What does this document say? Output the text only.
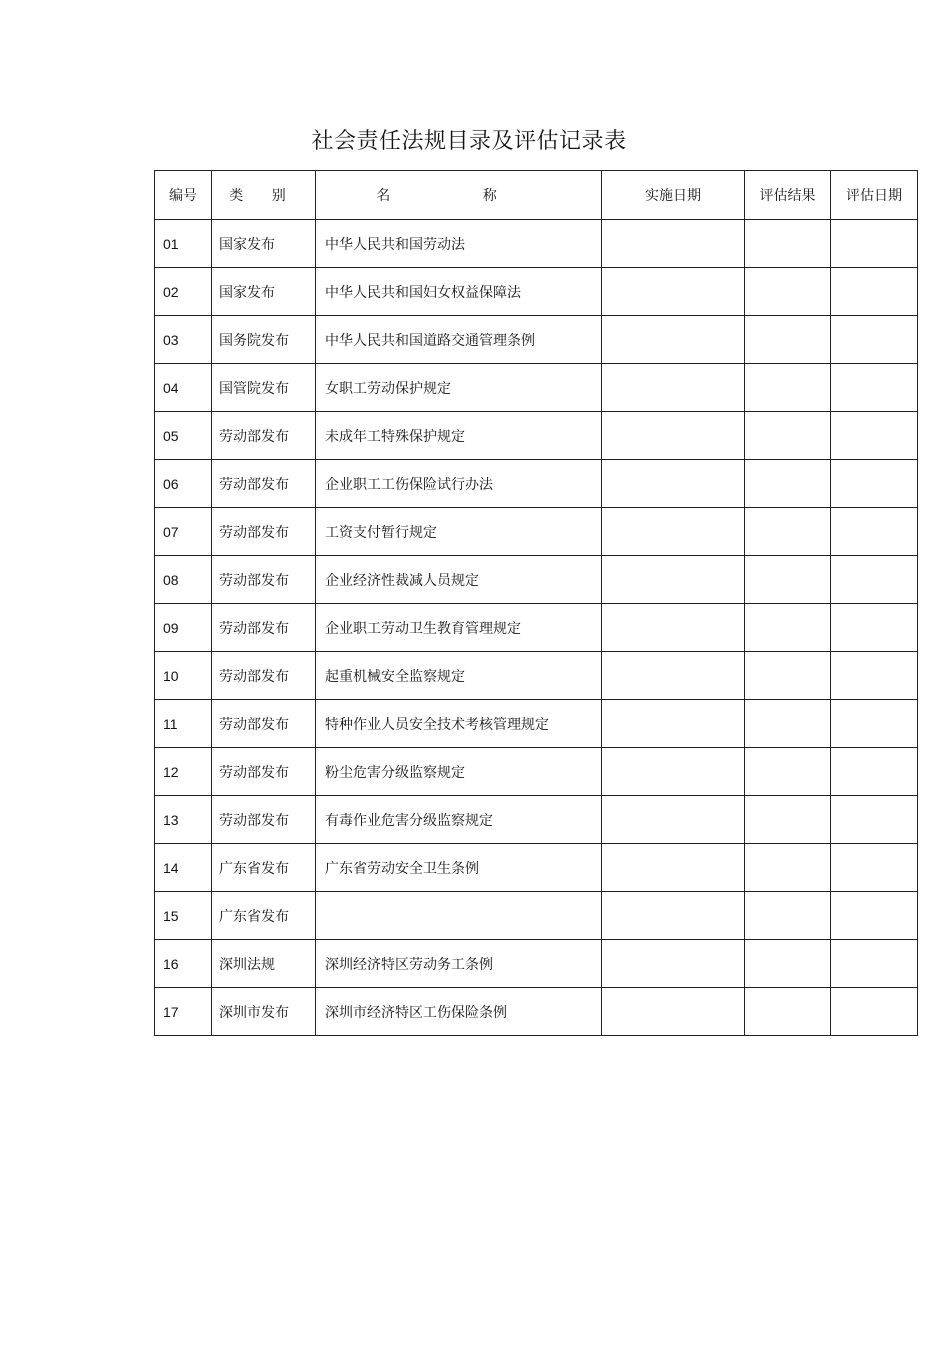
社会责任法规目录及评估记录表
编号	类 别	名 称	实施日期	评估结果	评估日期
01	国家发布	中华人民共和国劳动法			
02	国家发布	中华人民共和国妇女权益保障法			
03	国务院发布	中华人民共和国道路交通管理条例			
04	国管院发布	女职工劳动保护规定			
05	劳动部发布	未成年工特殊保护规定			
06	劳动部发布	企业职工工伤保险试行办法			
07	劳动部发布	工资支付暂行规定			
08	劳动部发布	企业经济性裁减人员规定			
09	劳动部发布	企业职工劳动卫生教育管理规定			
10	劳动部发布	起重机械安全监察规定			
11	劳动部发布	特种作业人员安全技术考核管理规定			
12	劳动部发布	粉尘危害分级监察规定			
13	劳动部发布	有毒作业危害分级监察规定			
14	广东省发布	广东省劳动安全卫生条例			
15	广东省发布				
16	深圳法规	深圳经济特区劳动务工条例			
17	深圳市发布	深圳市经济特区工伤保险条例			
